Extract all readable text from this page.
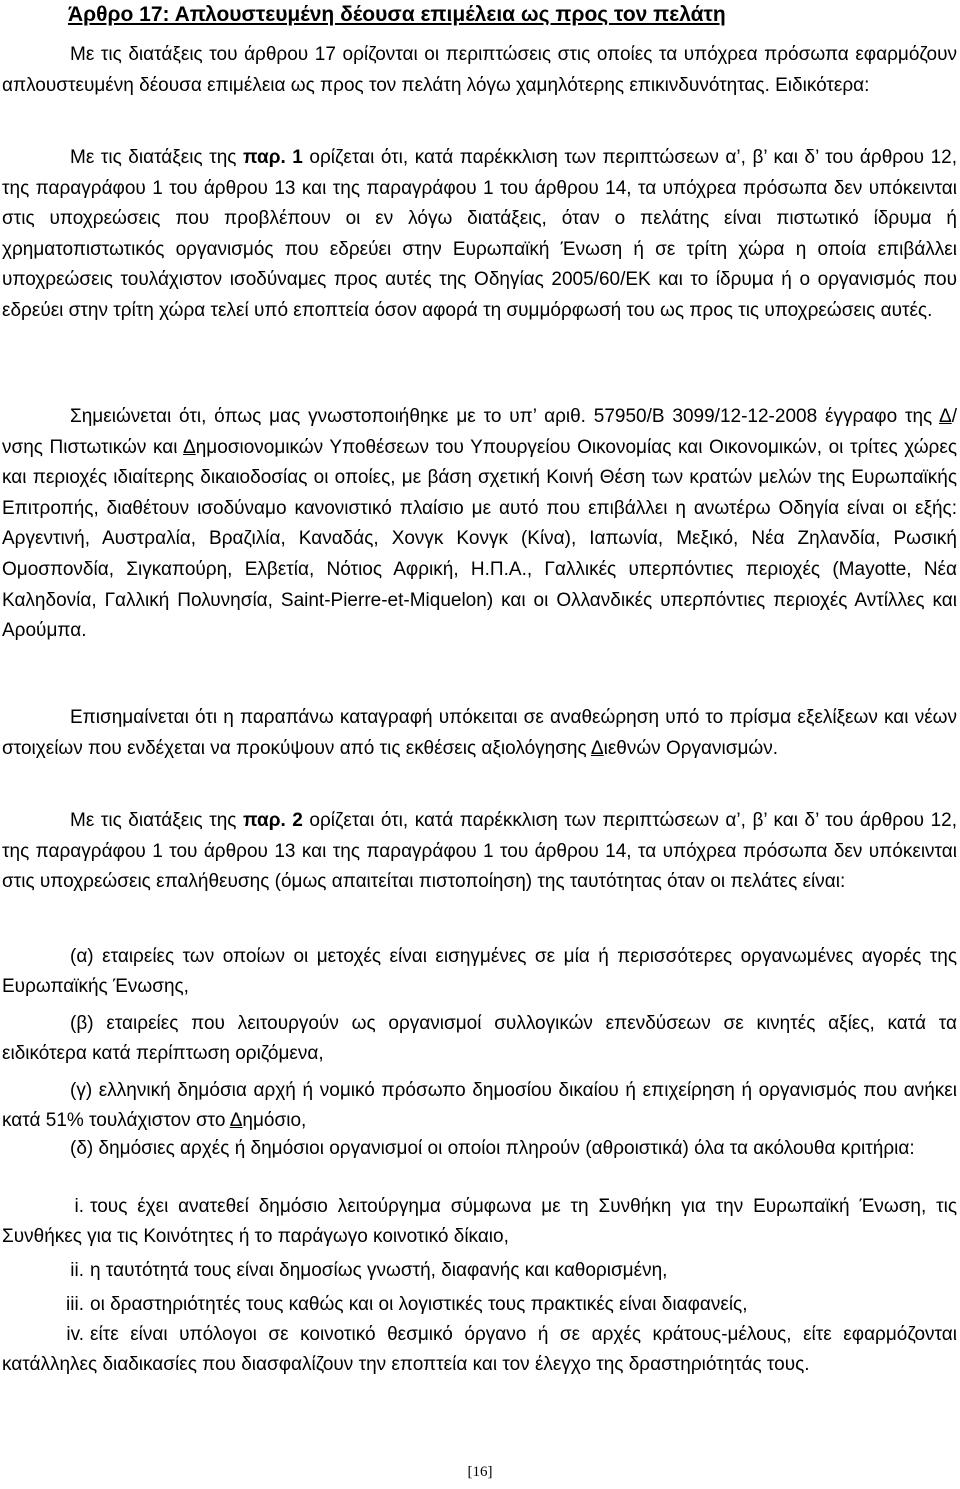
Άρθρο 17: Απλουστευμένη δέουσα επιμέλεια ως προς τον πελάτη
Με τις διατάξεις του άρθρου 17 ορίζονται οι περιπτώσεις στις οποίες τα υπόχρεα πρόσωπα εφαρμόζουν απλουστευμένη δέουσα επιμέλεια ως προς τον πελάτη λόγω χαμηλότερης επικινδυνότητας. Ειδικότερα:
Με τις διατάξεις της παρ. 1 ορίζεται ότι, κατά παρέκκλιση των περιπτώσεων α’, β’ και δ’ του άρθρου 12, της παραγράφου 1 του άρθρου 13 και της παραγράφου 1 του άρθρου 14, τα υπόχρεα πρόσωπα δεν υπόκεινται στις υποχρεώσεις που προβλέπουν οι εν λόγω διατάξεις, όταν ο πελάτης είναι πιστωτικό ίδρυμα ή χρηματοπιστωτικός οργανισμός που εδρεύει στην Ευρωπαϊκή Ένωση ή σε τρίτη χώρα η οποία επιβάλλει υποχρεώσεις τουλάχιστον ισοδύναμες προς αυτές της Οδηγίας 2005/60/ΕΚ και το ίδρυμα ή ο οργανισμός που εδρεύει στην τρίτη χώρα τελεί υπό εποπτεία όσον αφορά τη συμμόρφωσή του ως προς τις υποχρεώσεις αυτές.
Σημειώνεται ότι, όπως μας γνωστοποιήθηκε με το υπ’ αριθ. 57950/Β 3099/12-12-2008 έγγραφο της Δ/νσης Πιστωτικών και Δημοσιονομικών Υποθέσεων του Υπουργείου Οικονομίας και Οικονομικών, οι τρίτες χώρες και περιοχές ιδιαίτερης δικαιοδοσίας οι οποίες, με βάση σχετική Κοινή Θέση των κρατών μελών της Ευρωπαϊκής Επιτροπής, διαθέτουν ισοδύναμο κανονιστικό πλαίσιο με αυτό που επιβάλλει η ανωτέρω Οδηγία είναι οι εξής: Αργεντινή, Αυστραλία, Βραζιλία, Καναδάς, Χονγκ Κονγκ (Κίνα), Ιαπωνία, Μεξικό, Νέα Ζηλανδία, Ρωσική Ομοσπονδία, Σιγκαπούρη, Ελβετία, Νότιος Αφρική, Η.Π.Α., Γαλλικές υπερπόντιες περιοχές (Mayotte, Νέα Καληδονία, Γαλλική Πολυνησία, Saint-Pierre-et-Miquelon) και οι Ολλανδικές υπερπόντιες περιοχές Αντίλλες και Αρούμπα.
Επισημαίνεται ότι η παραπάνω καταγραφή υπόκειται σε αναθεώρηση υπό το πρίσμα εξελίξεων και νέων στοιχείων που ενδέχεται να προκύψουν από τις εκθέσεις αξιολόγησης Διεθνών Οργανισμών.
Με τις διατάξεις της παρ. 2 ορίζεται ότι, κατά παρέκκλιση των περιπτώσεων α’, β’ και δ’ του άρθρου 12, της παραγράφου 1 του άρθρου 13 και της παραγράφου 1 του άρθρου 14, τα υπόχρεα πρόσωπα δεν υπόκεινται στις υποχρεώσεις επαλήθευσης (όμως απαιτείται πιστοποίηση) της ταυτότητας όταν οι πελάτες είναι:
(α) εταιρείες των οποίων οι μετοχές είναι εισηγμένες σε μία ή περισσότερες οργανωμένες αγορές της Ευρωπαϊκής Ένωσης,
(β) εταιρείες που λειτουργούν ως οργανισμοί συλλογικών επενδύσεων σε κινητές αξίες, κατά τα ειδικότερα κατά περίπτωση οριζόμενα,
(γ) ελληνική δημόσια αρχή ή νομικό πρόσωπο δημοσίου δικαίου ή επιχείρηση ή οργανισμός που ανήκει κατά 51% τουλάχιστον στο Δημόσιο,
(δ) δημόσιες αρχές ή δημόσιοι οργανισμοί οι οποίοι πληρούν (αθροιστικά) όλα τα ακόλουθα κριτήρια:
i. τους έχει ανατεθεί δημόσιο λειτούργημα σύμφωνα με τη Συνθήκη για την Ευρωπαϊκή Ένωση, τις Συνθήκες για τις Κοινότητες ή το παράγωγο κοινοτικό δίκαιο,
ii. η ταυτότητά τους είναι δημοσίως γνωστή, διαφανής και καθορισμένη,
iii. οι δραστηριότητές τους καθώς και οι λογιστικές τους πρακτικές είναι διαφανείς,
iv. είτε είναι υπόλογοι σε κοινοτικό θεσμικό όργανο ή σε αρχές κράτους-μέλους, είτε εφαρμόζονται κατάλληλες διαδικασίες που διασφαλίζουν την εποπτεία και τον έλεγχο της δραστηριότητάς τους.
[16]
